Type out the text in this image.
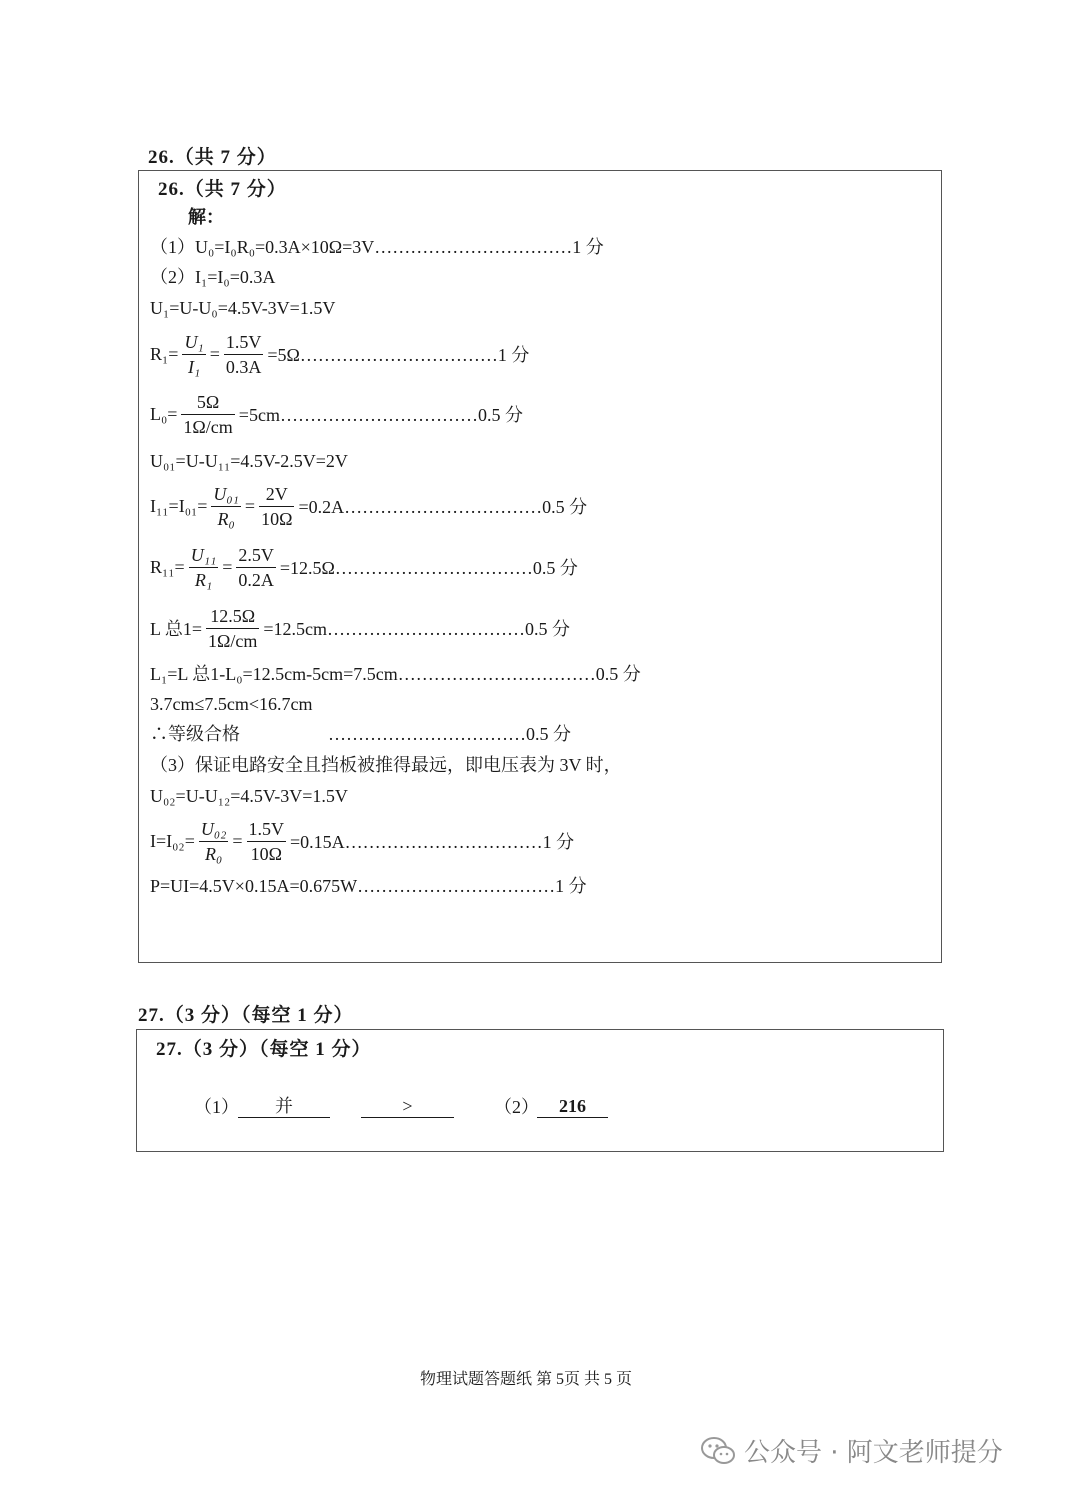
26.（共 7 分）
26.（共 7 分）
解：
（1）U₀=I₀R₀=0.3A×10Ω=3V……………………………1 分
（2）I₁=I₀=0.3A
U₁=U-U₀=4.5V-3V=1.5V
$R_1= \frac{\text{U₁}}{\text{I₁}} = \frac{1.5V}{0.3A}$ =5Ω……………………………1 分
$L_0= \frac{5\Omega}{1\Omega/cm}$ =5cm……………………………0.5 分
U₀₁=U-U₁₁=4.5V-2.5V=2V
$I_{11}=I_{01}= \frac{\text{U₀₁}}{\text{R₀}} = \frac{2V}{10\Omega}$ =0.2A……………………………0.5 分
$R_{11}= \frac{\text{U₁₁}}{\text{R₁}} = \frac{2.5V}{0.2A}$ =12.5Ω……………………………0.5 分
L 总$1= \frac{12.5\Omega}{1\Omega/cm}$ =12.5cm……………………………0.5 分
L₁=L 总1-L₀=12.5cm-5cm=7.5cm……………………………0.5 分
3.7cm≤7.5cm<16.7cm
∴等级合格	……………………………0.5 分
（3）保证电路安全且挡板被推得最远，即电压表为 3V 时，
U₀₂=U-U₁₂=4.5V-3V=1.5V
$I=I_{02}= \frac{\text{U₀₂}}{\text{R₀}} = \frac{1.5V}{10\Omega}$ =0.15A……………………………1 分
P=UI=4.5V×0.15A=0.675W……………………………1 分
27.（3 分）（每空 1 分）
27.（3 分）（每空 1 分）
（1）	并	>	（2）	216
物理试题答题纸 第 5页 共 5 页
公众号 · 阿文老师提分
